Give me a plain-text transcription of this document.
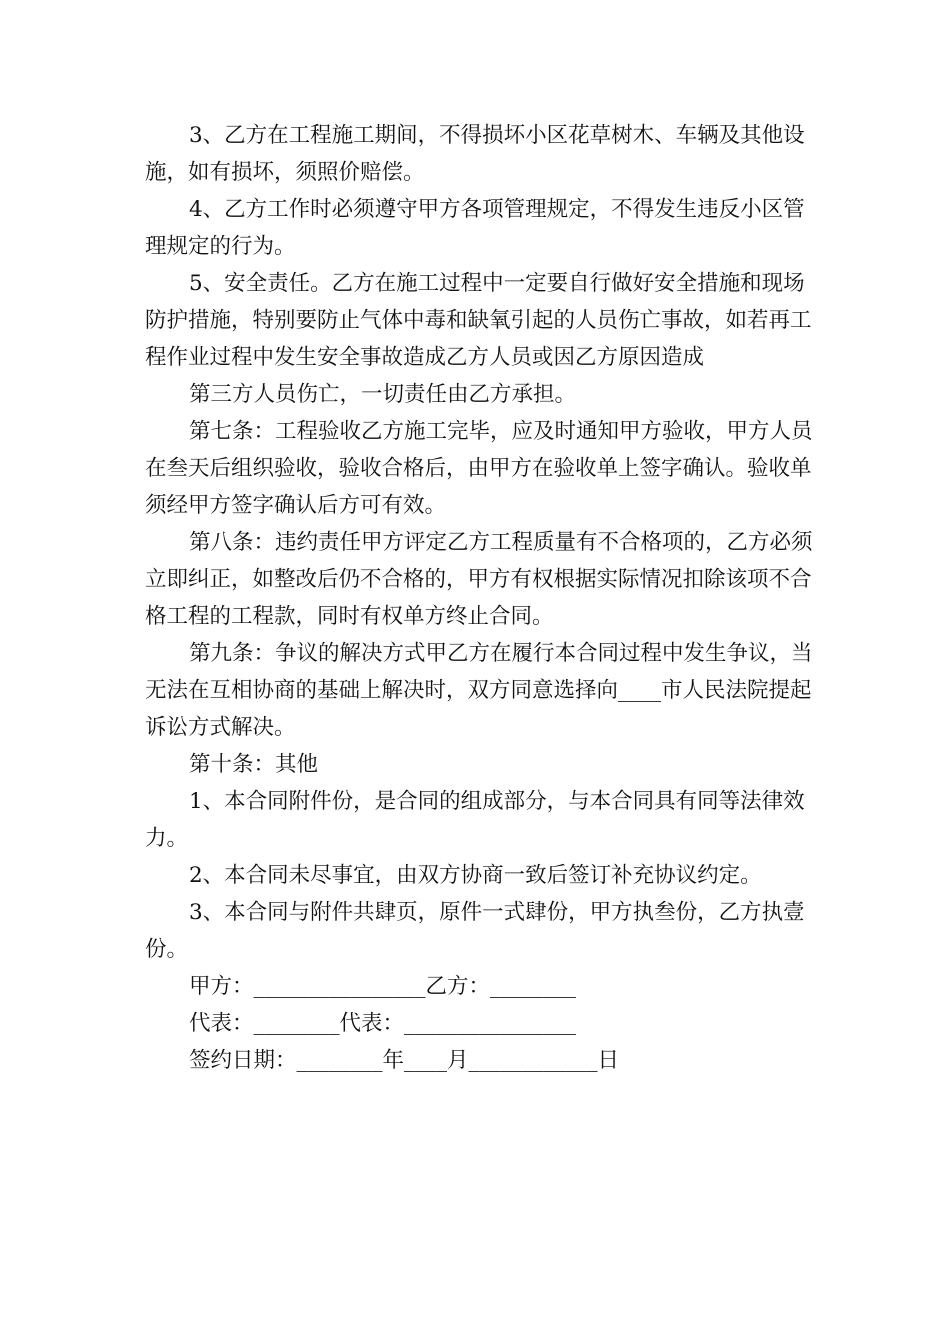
3、乙方在工程施工期间，不得损坏小区花草树木、车辆及其他设施，如有损坏，须照价赔偿。

4、乙方工作时必须遵守甲方各项管理规定，不得发生违反小区管理规定的行为。

5、安全责任。乙方在施工过程中一定要自行做好安全措施和现场防护措施，特别要防止气体中毒和缺氧引起的人员伤亡事故，如若再工程作业过程中发生安全事故造成乙方人员或因乙方原因造成

第三方人员伤亡，一切责任由乙方承担。

第七条：工程验收乙方施工完毕，应及时通知甲方验收，甲方人员在叁天后组织验收，验收合格后，由甲方在验收单上签字确认。验收单须经甲方签字确认后方可有效。

第八条：违约责任甲方评定乙方工程质量有不合格项的，乙方必须立即纠正，如整改后仍不合格的，甲方有权根据实际情况扣除该项不合格工程的工程款，同时有权单方终止合同。

第九条：争议的解决方式甲乙方在履行本合同过程中发生争议，当无法在互相协商的基础上解决时，双方同意选择向____市人民法院提起诉讼方式解决。

第十条：其他

1、本合同附件份，是合同的组成部分，与本合同具有同等法律效力。

2、本合同未尽事宜，由双方协商一致后签订补充协议约定。

3、本合同与附件共肆页，原件一式肆份，甲方执叁份，乙方执壹份。

甲方：________________乙方：________

代表：________代表：________________

签约日期：________年____月____________日
